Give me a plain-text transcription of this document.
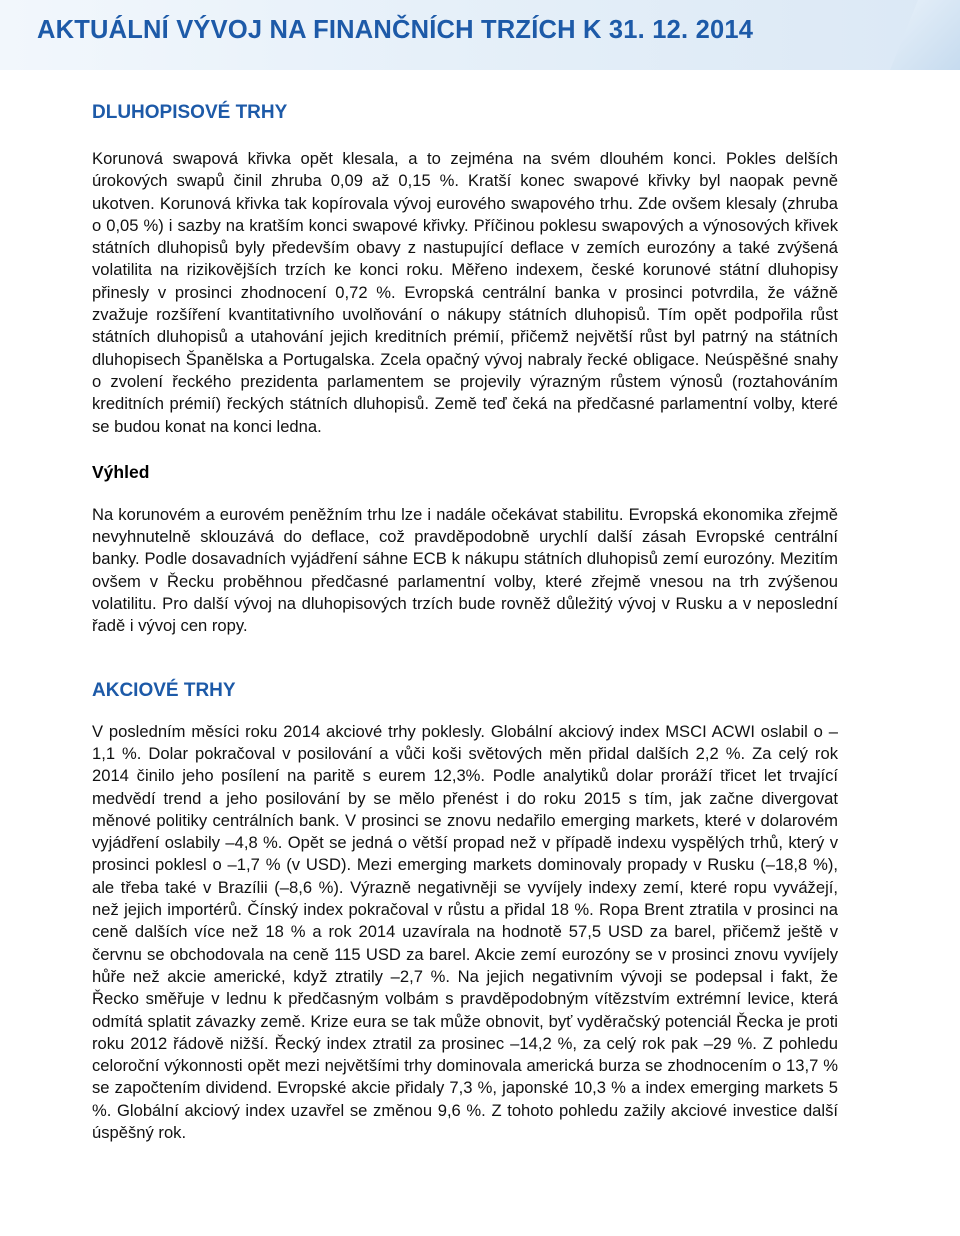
AKTUÁLNÍ VÝVOJ NA FINANČNÍCH TRZÍCH K 31. 12. 2014
DLUHOPISOVÉ TRHY

Korunová swapová křivka opět klesala, a to zejména na svém dlouhém konci. Pokles delších úrokových swapů činil zhruba 0,09 až 0,15 %. Kratší konec swapové křivky byl naopak pevně ukotven. Korunová křivka tak kopírovala vývoj eurového swapového trhu. Zde ovšem klesaly (zhruba o 0,05 %) i sazby na kratším konci swapové křivky. Příčinou poklesu swapových a výnosových křivek státních dluhopisů byly především obavy z nastupující deflace v zemích eurozóny a také zvýšená volatilita na rizikovějších trzích ke konci roku. Měřeno indexem, české korunové státní dluhopisy přinesly v prosinci zhodnocení 0,72 %. Evropská centrální banka v prosinci potvrdila, že vážně zvažuje rozšíření kvantitativního uvolňování o nákupy státních dluhopisů. Tím opět podpořila růst státních dluhopisů a utahování jejich kreditních prémií, přičemž největší růst byl patrný na státních dluhopisech Španělska a Portugalska. Zcela opačný vývoj nabraly řecké obligace. Neúspěšné snahy o zvolení řeckého prezidenta parlamentem se projevily výrazným růstem výnosů (roztahováním kreditních prémií) řeckých státních dluhopisů. Země teď čeká na předčasné parlamentní volby, které se budou konat na konci ledna.

Výhled

Na korunovém a eurovém peněžním trhu lze i nadále očekávat stabilitu. Evropská ekonomika zřejmě nevyhnutelně sklouzává do deflace, což pravděpodobně urychlí další zásah Evropské centrální banky. Podle dosavadních vyjádření sáhne ECB k nákupu státních dluhopisů zemí eurozóny. Mezitím ovšem v Řecku proběhnou předčasné parlamentní volby, které zřejmě vnesou na trh zvýšenou volatilitu. Pro další vývoj na dluhopisových trzích bude rovněž důležitý vývoj v Rusku a v neposlední řadě i vývoj cen ropy.

AKCIOVÉ TRHY

V posledním měsíci roku 2014 akciové trhy poklesly. Globální akciový index MSCI ACWI oslabil o –1,1 %. Dolar pokračoval v posilování a vůči koši světových měn přidal dalších 2,2 %. Za celý rok 2014 činilo jeho posílení na paritě s eurem 12,3%. Podle analytiků dolar proráží třicet let trvající medvědí trend a jeho posilování by se mělo přenést i do roku 2015 s tím, jak začne divergovat měnové politiky centrálních bank. V prosinci se znovu nedařilo emerging markets, které v dolarovém vyjádření oslabily –4,8 %. Opět se jedná o větší propad než v případě indexu vyspělých trhů, který v prosinci poklesl o –1,7 % (v USD). Mezi emerging markets dominovaly propady v Rusku (–18,8 %), ale třeba také v Brazílii (–8,6 %). Výrazně negativněji se vyvíjely indexy zemí, které ropu vyvážejí, než jejich importérů. Čínský index pokračoval v růstu a přidal 18 %. Ropa Brent ztratila v prosinci na ceně dalších více než 18 % a rok 2014 uzavírala na hodnotě 57,5 USD za barel, přičemž ještě v červnu se obchodovala na ceně 115 USD za barel. Akcie zemí eurozóny se v prosinci znovu vyvíjely hůře než akcie americké, když ztratily –2,7 %. Na jejich negativním vývoji se podepsal i fakt, že Řecko směřuje v lednu k předčasným volbám s pravděpodobným vítězstvím extrémní levice, která odmítá splatit závazky země. Krize eura se tak může obnovit, byť vyděračský potenciál Řecka je proti roku 2012 řádově nižší. Řecký index ztratil za prosinec –14,2 %, za celý rok pak –29 %. Z pohledu celoroční výkonnosti opět mezi největšími trhy dominovala americká burza se zhodnocením o 13,7 % se započtením dividend. Evropské akcie přidaly 7,3 %, japonské 10,3 % a index emerging markets 5 %. Globální akciový index uzavřel se změnou 9,6 %. Z tohoto pohledu zažily akciové investice další úspěšný rok.
